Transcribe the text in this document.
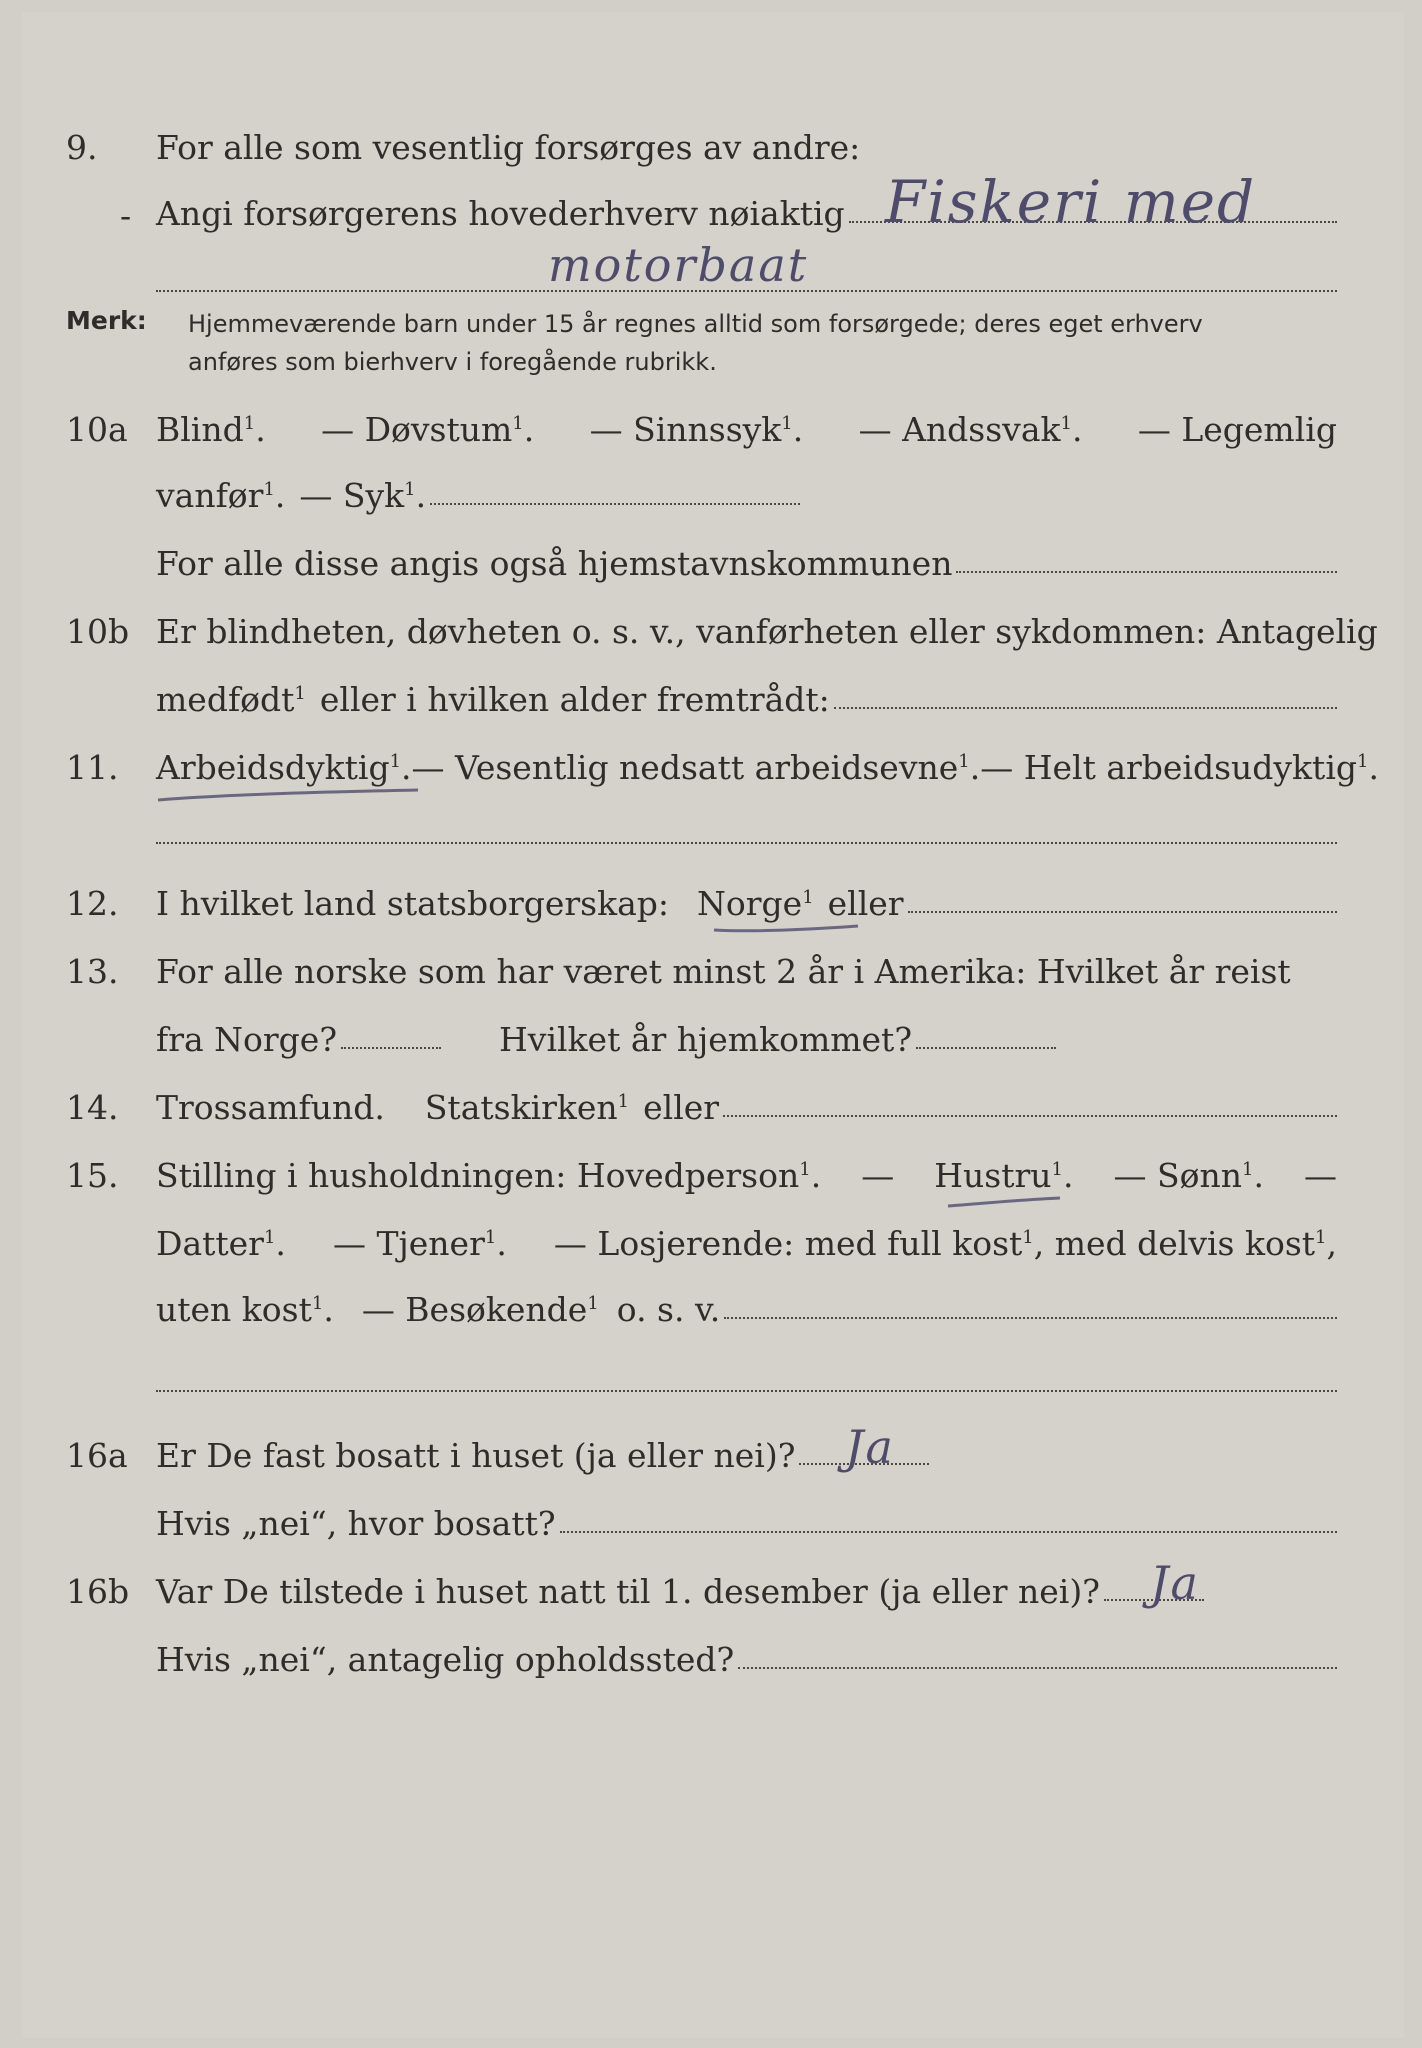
9. For alle som vesentlig forsørges av andre:
- Angi forsørgerens hovederhverv nøiaktig Fiskeri med
motorbaat
Merk: Hjemmeværende barn under 15 år regnes alltid som forsørgede; deres eget erhverv
anføres som bierhverv i foregående rubrikk.
10a Blind$^1$. — Døvstum$^1$. — Sinnssyk$^1$. — Andssvak$^1$. — Legemlig
vanfør$^1$. — Syk$^1$.
For alle disse angis også hjemstavnskommunen
10b Er blindheten, døvheten o. s. v., vanførheten eller sykdommen: Antagelig
medfødt$^1$ eller i hvilken alder fremtrådt:
11. Arbeidsdyktig$^1$. — Vesentlig nedsatt arbeidsevne$^1$. — Helt arbeidsudyktig$^1$.
12. I hvilket land statsborgerskap: Norge$^1$ eller
13. For alle norske som har været minst 2 år i Amerika: Hvilket år reist
fra Norge?	Hvilket år hjemkommet?
14. Trossamfund. Statskirken$^1$ eller
15. Stilling i husholdningen: Hovedperson$^1$. — Hustru$^1$. — Sønn$^1$. —
Datter$^1$. — Tjener$^1$. — Losjerende: med full kost$^1$, med delvis kost$^1$,
uten kost$^1$. — Besøkende$^1$ o. s. v.
16a Er De fast bosatt i huset (ja eller nei)? Ja
Hvis „nei“, hvor bosatt?
16b Var De tilstede i huset natt til 1. desember (ja eller nei)? Ja
Hvis „nei“, antagelig opholdssted?
